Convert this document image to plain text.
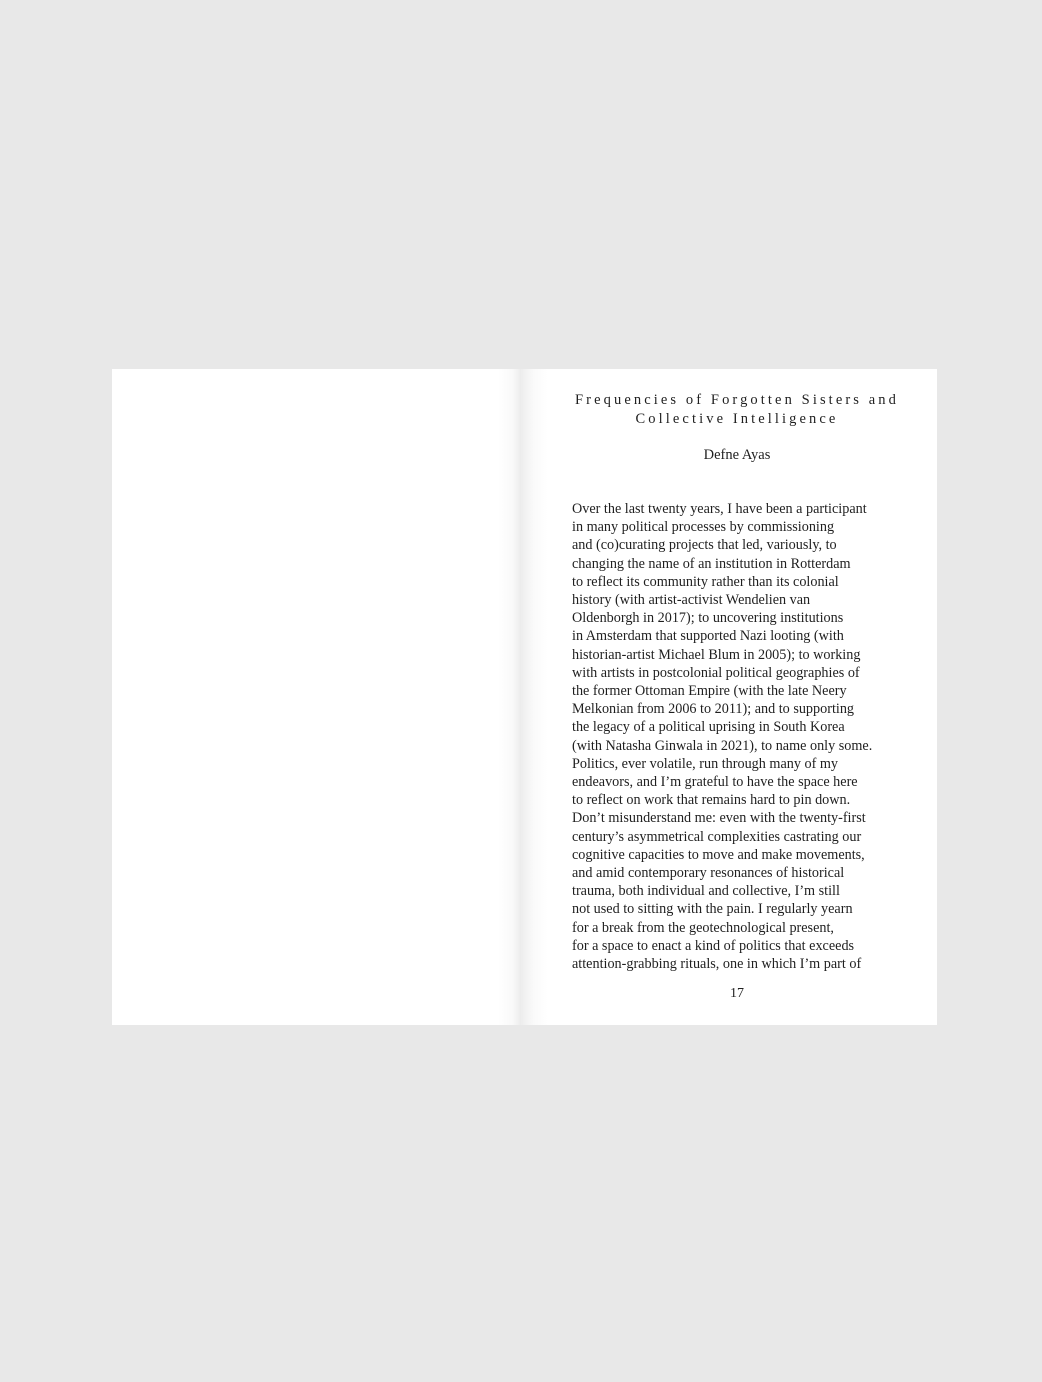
Frequencies of Forgotten Sisters and
Collective Intelligence

Defne Ayas

Over the last twenty years, I have been a participant
in many political processes by commissioning
and (co)curating projects that led, variously, to
changing the name of an institution in Rotterdam
to reflect its community rather than its colonial
history (with artist-activist Wendelien van
Oldenborgh in 2017); to uncovering institutions
in Amsterdam that supported Nazi looting (with
historian-artist Michael Blum in 2005); to working
with artists in postcolonial political geographies of
the former Ottoman Empire (with the late Neery
Melkonian from 2006 to 2011); and to supporting
the legacy of a political uprising in South Korea
(with Natasha Ginwala in 2021), to name only some.
Politics, ever volatile, run through many of my
endeavors, and I’m grateful to have the space here
to reflect on work that remains hard to pin down.
Don’t misunderstand me: even with the twenty-first
century’s asymmetrical complexities castrating our
cognitive capacities to move and make movements,
and amid contemporary resonances of historical
trauma, both individual and collective, I’m still
not used to sitting with the pain. I regularly yearn
for a break from the geotechnological present,
for a space to enact a kind of politics that exceeds
attention-grabbing rituals, one in which I’m part of

17
